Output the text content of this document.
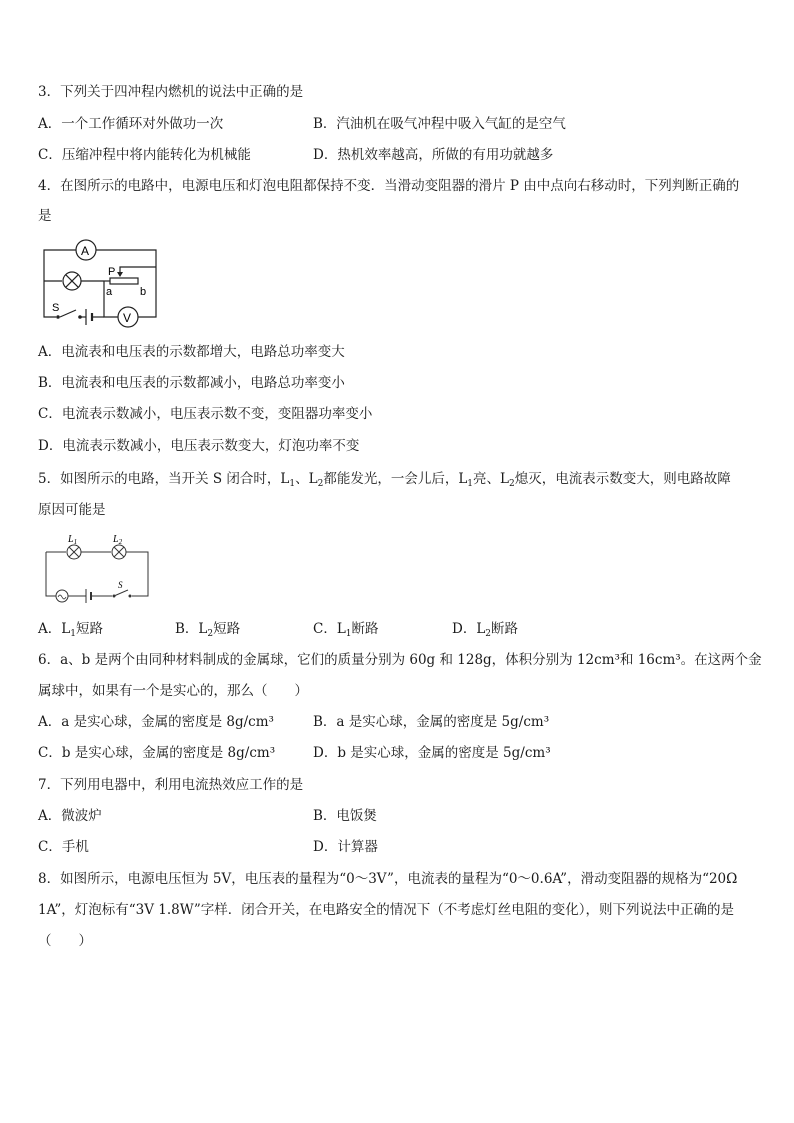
3．下列关于四冲程内燃机的说法中正确的是
A．一个工作循环对外做功一次	B．汽油机在吸气冲程中吸入气缸的是空气
C．压缩冲程中将内能转化为机械能	D．热机效率越高，所做的有用功就越多
4．在图所示的电路中，电源电压和灯泡电阻都保持不变．当滑动变阻器的滑片 P 由中点向右移动时，下列判断正确的
是
A
V
P
a	b
S
A．电流表和电压表的示数都增大，电路总功率变大
B．电流表和电压表的示数都减小，电路总功率变小
C．电流表示数减小，电压表示数不变，变阻器功率变小
D．电流表示数减小，电压表示数变大，灯泡功率不变
5．如图所示的电路，当开关 S 闭合时，$L_1$、$L_2$都能发光，一会儿后，$L_1$亮、$L_2$熄灭，电流表示数变大，则电路故障
原因可能是
$L_1$	$L_2$
S
A．$L_1$短路	B．$L_2$短路	C．$L_1$断路	D．$L_2$断路
6．a、b 是两个由同种材料制成的金属球，它们的质量分别为 60g 和 128g，体积分别为 12cm³和 16cm³。在这两个金
属球中，如果有一个是实心的，那么（　　）
A．a 是实心球，金属的密度是 8g/cm³	B．a 是实心球，金属的密度是 5g/cm³
C．b 是实心球，金属的密度是 8g/cm³	D．b 是实心球，金属的密度是 5g/cm³
7．下列用电器中，利用电流热效应工作的是
A．微波炉	B．电饭煲
C．手机	D．计算器
8．如图所示，电源电压恒为 5V，电压表的量程为“0～3V”，电流表的量程为“0～0.6A”，滑动变阻器的规格为“20Ω
1A”，灯泡标有“3V 1.8W”字样．闭合开关，在电路安全的情况下（不考虑灯丝电阻的变化），则下列说法中正确的是
（　　）
